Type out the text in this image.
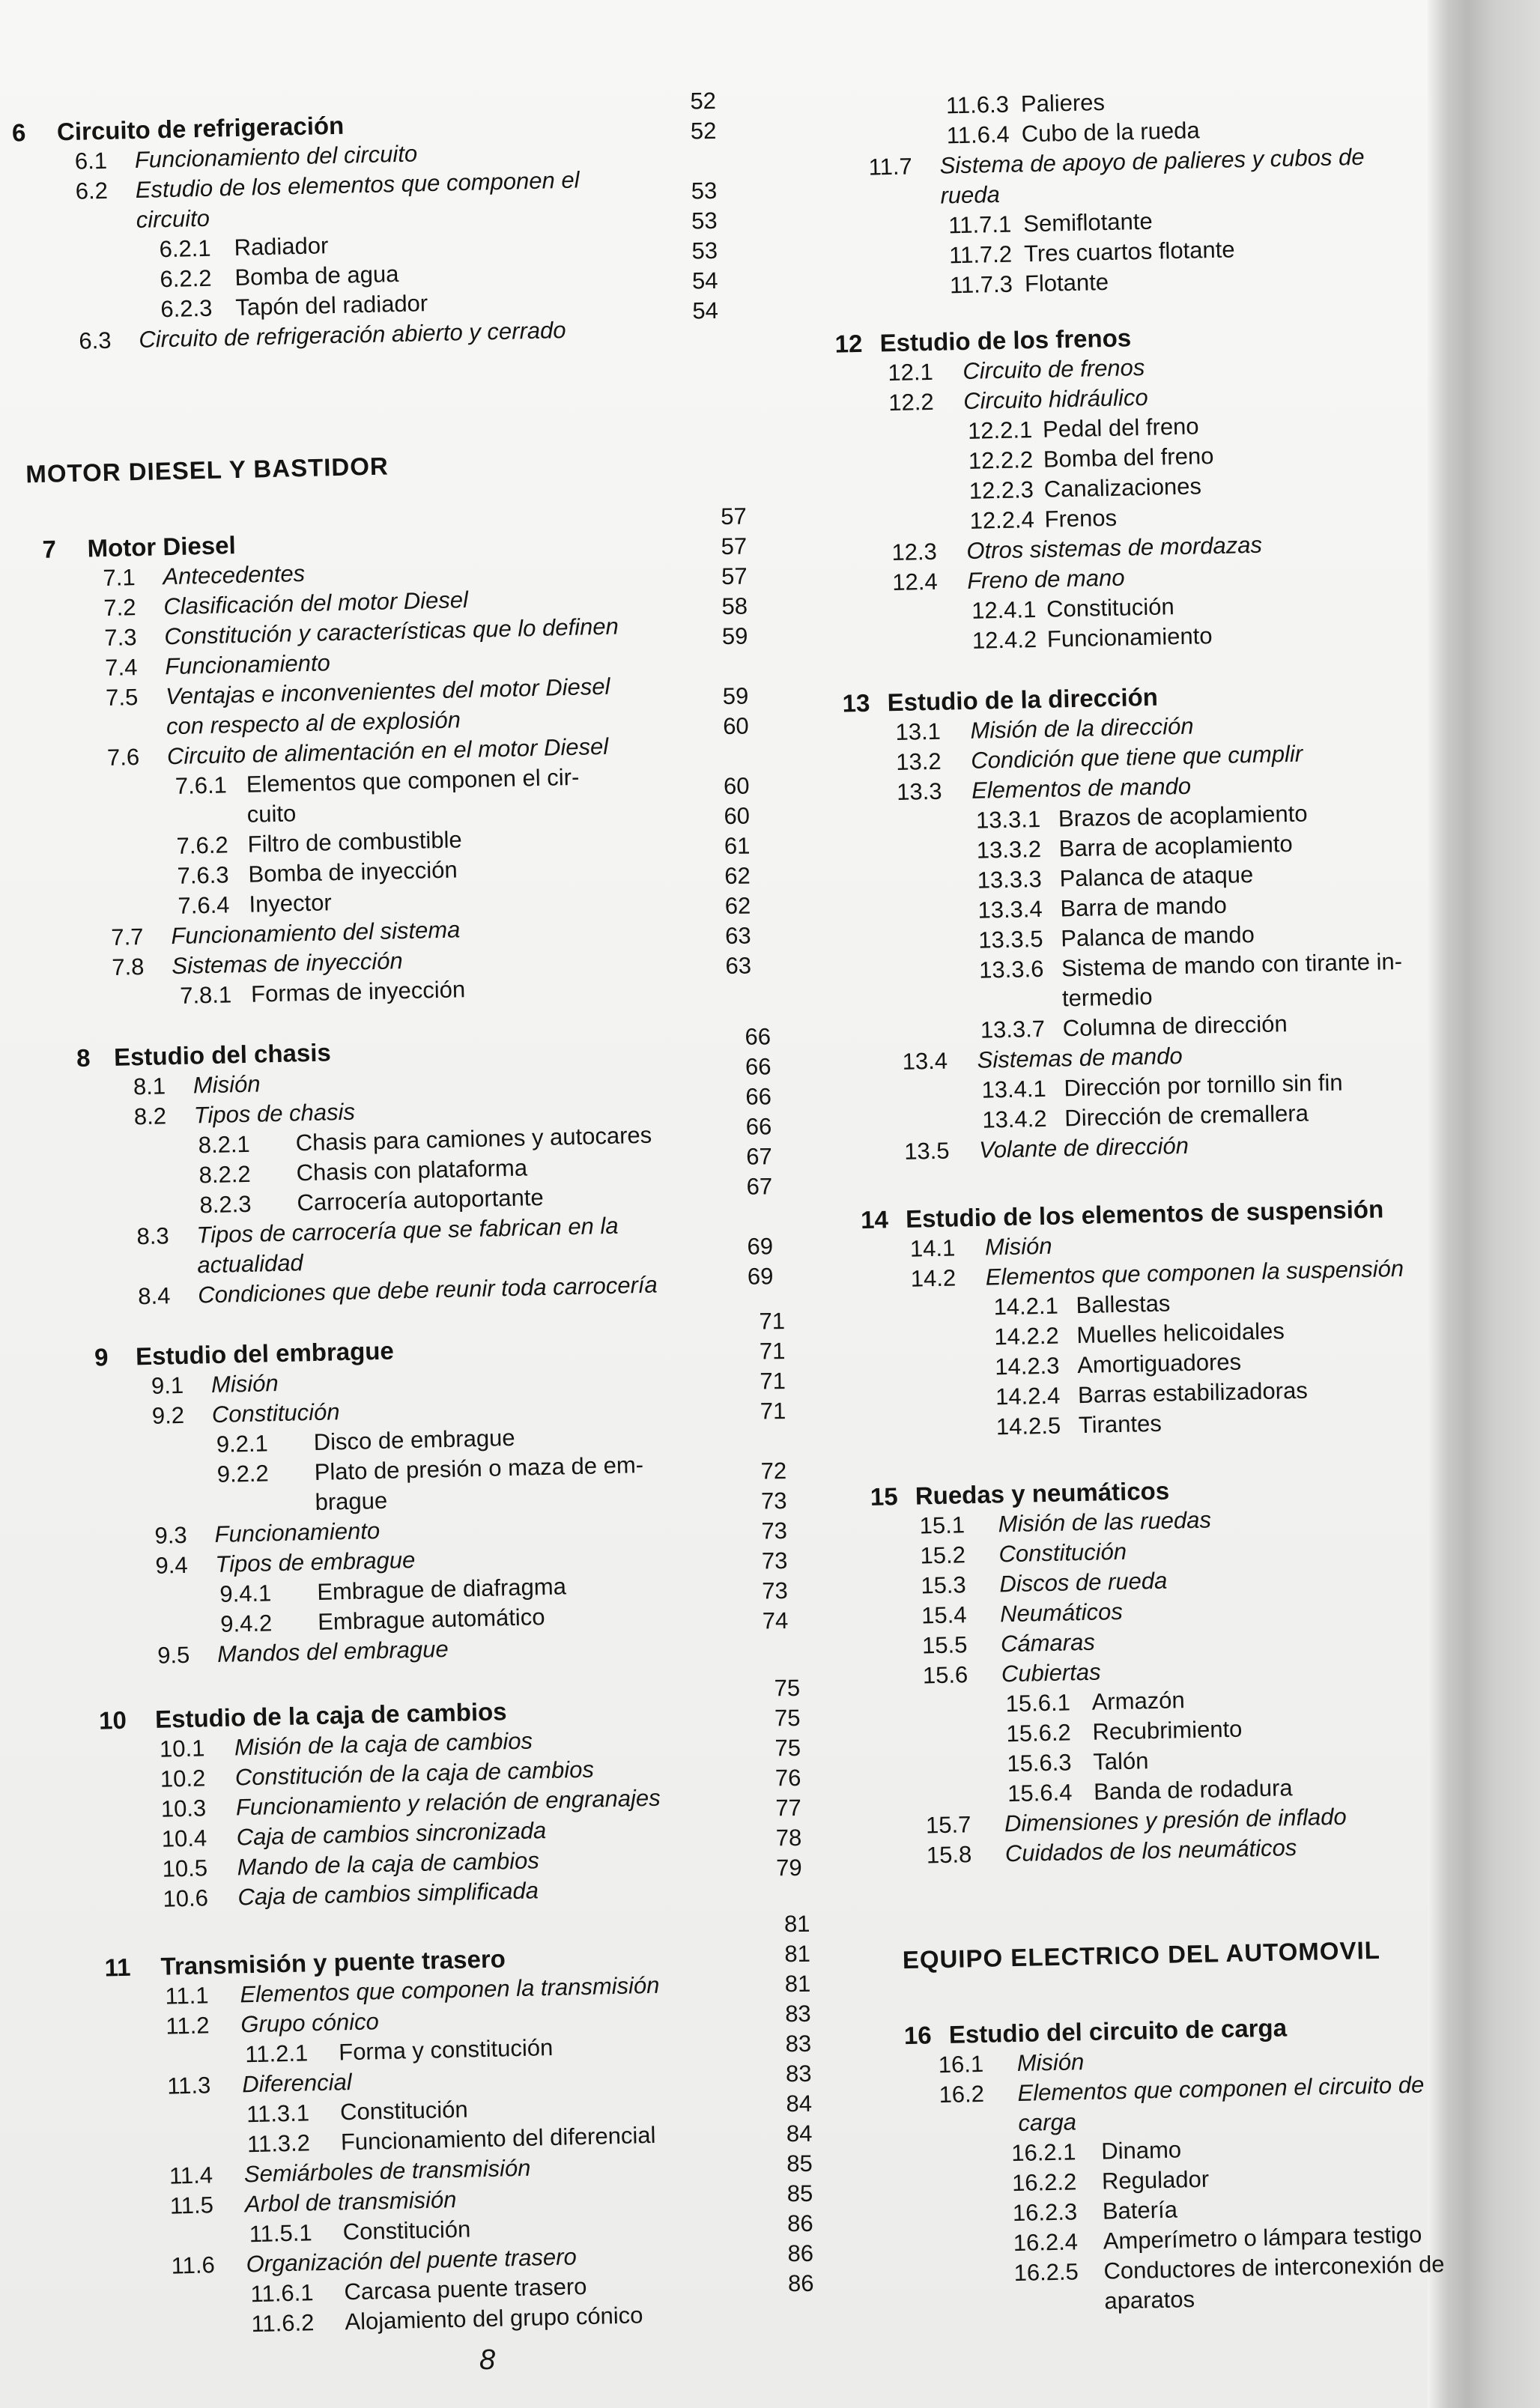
6 Circuito de refrigeración
6.1 Funcionamiento del circuito
6.2 Estudio de los elementos que componen el
circuito
6.2.1 Radiador
6.2.2 Bomba de agua
6.2.3 Tapón del radiador
6.3 Circuito de refrigeración abierto y cerrado
MOTOR DIESEL Y BASTIDOR
7 Motor Diesel
7.1 Antecedentes
7.2 Clasificación del motor Diesel
7.3 Constitución y características que lo definen
7.4 Funcionamiento
7.5 Ventajas e inconvenientes del motor Diesel
con respecto al de explosión
7.6 Circuito de alimentación en el motor Diesel
7.6.1 Elementos que componen el cir-
cuito
7.6.2 Filtro de combustible
7.6.3 Bomba de inyección
7.6.4 Inyector
7.7 Funcionamiento del sistema
7.8 Sistemas de inyección
7.8.1 Formas de inyección
8 Estudio del chasis
8.1 Misión
8.2 Tipos de chasis
8.2.1 Chasis para camiones y autocares
8.2.2 Chasis con plataforma
8.2.3 Carrocería autoportante
8.3 Tipos de carrocería que se fabrican en la
actualidad
8.4 Condiciones que debe reunir toda carrocería
9 Estudio del embrague
9.1 Misión
9.2 Constitución
9.2.1 Disco de embrague
9.2.2 Plato de presión o maza de em-
brague
9.3 Funcionamiento
9.4 Tipos de embrague
9.4.1 Embrague de diafragma
9.4.2 Embrague automático
9.5 Mandos del embrague
10 Estudio de la caja de cambios
10.1 Misión de la caja de cambios
10.2 Constitución de la caja de cambios
10.3 Funcionamiento y relación de engranajes
10.4 Caja de cambios sincronizada
10.5 Mando de la caja de cambios
10.6 Caja de cambios simplificada
11 Transmisión y puente trasero
11.1 Elementos que componen la transmisión
11.2 Grupo cónico
11.2.1 Forma y constitución
11.3 Diferencial
11.3.1 Constitución
11.3.2 Funcionamiento del diferencial
11.4 Semiárboles de transmisión
11.5 Arbol de transmisión
11.5.1 Constitución
11.6 Organización del puente trasero
11.6.1 Carcasa puente trasero
11.6.2 Alojamiento del grupo cónico
52
52
53
53
53
54
54
57
57
57
58
59
59
60
60
60
61
62
62
63
63
66
66
66
66
67
67
69
69
71
71
71
71
72
73
73
73
73
74
75
75
75
76
77
78
79
81
81
81
83
83
83
84
84
85
85
86
86
86
11.6.3 Palieres
11.6.4 Cubo de la rueda
11.7 Sistema de apoyo de palieres y cubos de
rueda
11.7.1 Semiflotante
11.7.2 Tres cuartos flotante
11.7.3 Flotante
12 Estudio de los frenos
12.1 Circuito de frenos
12.2 Circuito hidráulico
12.2.1 Pedal del freno
12.2.2 Bomba del freno
12.2.3 Canalizaciones
12.2.4 Frenos
12.3 Otros sistemas de mordazas
12.4 Freno de mano
12.4.1 Constitución
12.4.2 Funcionamiento
13 Estudio de la dirección
13.1 Misión de la dirección
13.2 Condición que tiene que cumplir
13.3 Elementos de mando
13.3.1 Brazos de acoplamiento
13.3.2 Barra de acoplamiento
13.3.3 Palanca de ataque
13.3.4 Barra de mando
13.3.5 Palanca de mando
13.3.6 Sistema de mando con tirante in-
termedio
13.3.7 Columna de dirección
13.4 Sistemas de mando
13.4.1 Dirección por tornillo sin fin
13.4.2 Dirección de cremallera
13.5 Volante de dirección
14 Estudio de los elementos de suspensión
14.1 Misión
14.2 Elementos que componen la suspensión
14.2.1 Ballestas
14.2.2 Muelles helicoidales
14.2.3 Amortiguadores
14.2.4 Barras estabilizadoras
14.2.5 Tirantes
15 Ruedas y neumáticos
15.1 Misión de las ruedas
15.2 Constitución
15.3 Discos de rueda
15.4 Neumáticos
15.5 Cámaras
15.6 Cubiertas
15.6.1 Armazón
15.6.2 Recubrimiento
15.6.3 Talón
15.6.4 Banda de rodadura
15.7 Dimensiones y presión de inflado
15.8 Cuidados de los neumáticos
EQUIPO ELECTRICO DEL AUTOMOVIL
16 Estudio del circuito de carga
16.1 Misión
16.2 Elementos que componen el circuito de
carga
16.2.1 Dinamo
16.2.2 Regulador
16.2.3 Batería
16.2.4 Amperímetro o lámpara testigo
16.2.5 Conductores de interconexión de
aparatos
8
